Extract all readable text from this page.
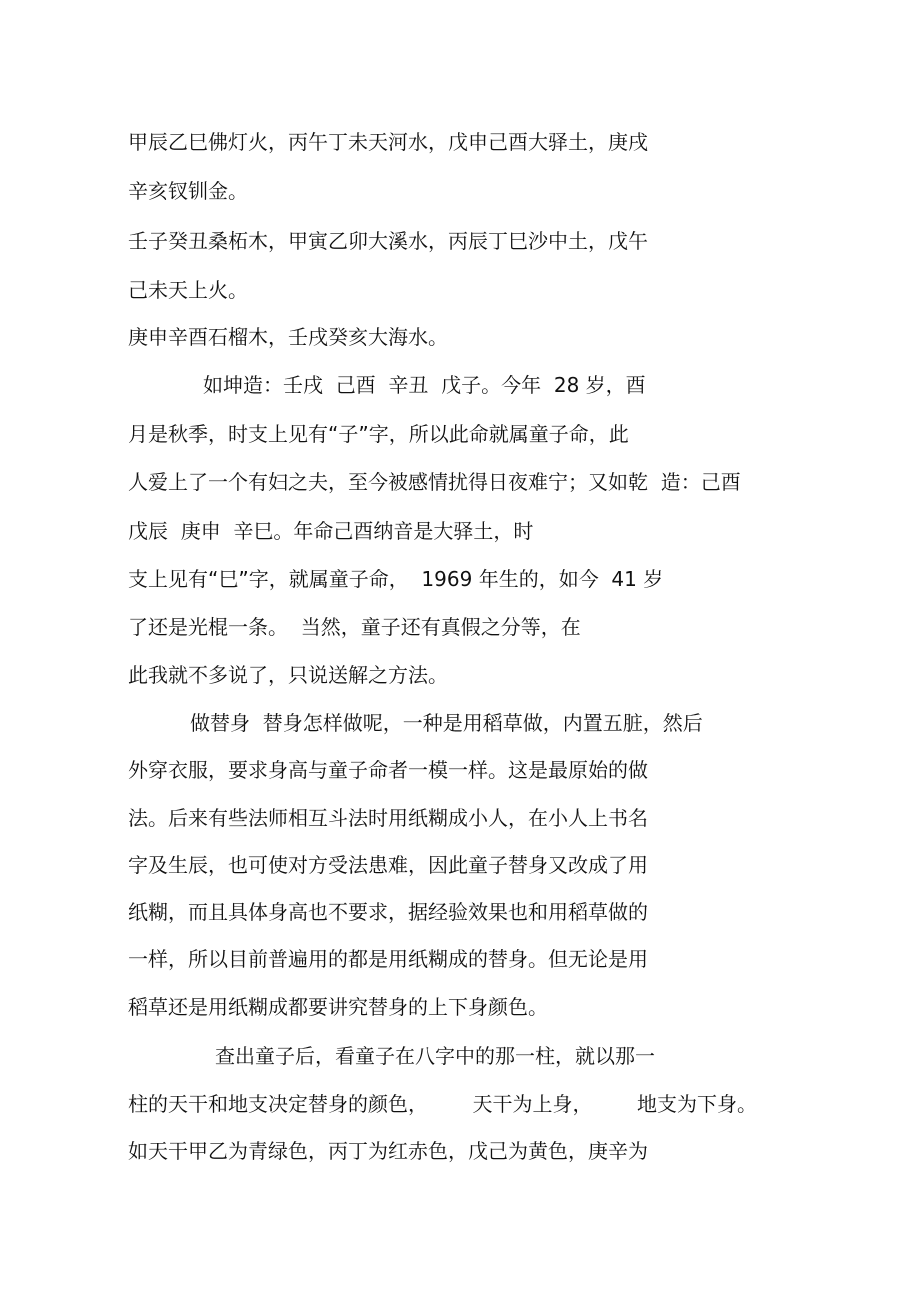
甲辰乙巳佛灯火，丙午丁未天河水，戊申己酉大驿土，庚戌

辛亥钗钏金。

壬子癸丑桑柘木，甲寅乙卯大溪水，丙辰丁巳沙中土，戊午

己未天上火。

庚申辛酉石榴木，壬戌癸亥大海水。

如坤造：壬戌  己酉  辛丑  戊子。今年  28 岁，酉

月是秋季，时支上见有“子”字，所以此命就属童子命，此

人爱上了一个有妇之夫，至今被感情扰得日夜难宁；又如乾  造：己酉

戊辰  庚申  辛巳。年命己酉纳音是大驿土，时

支上见有“巳”字，就属童子命，  1969 年生的，如今  41 岁

了还是光棍一条。  当然，童子还有真假之分等，在

此我就不多说了，只说送解之方法。

做替身  替身怎样做呢，一种是用稻草做，内置五脏，然后

外穿衣服，要求身高与童子命者一模一样。这是最原始的做

法。后来有些法师相互斗法时用纸糊成小人，在小人上书名

字及生辰，也可使对方受法患难，因此童子替身又改成了用

纸糊，而且具体身高也不要求，据经验效果也和用稻草做的

一样，所以目前普遍用的都是用纸糊成的替身。但无论是用

稻草还是用纸糊成都要讲究替身的上下身颜色。

查出童子后，看童子在八字中的那一柱，就以那一

柱的天干和地支决定替身的颜色，       天干为上身，       地支为下身。

如天干甲乙为青绿色，丙丁为红赤色，戊己为黄色，庚辛为
